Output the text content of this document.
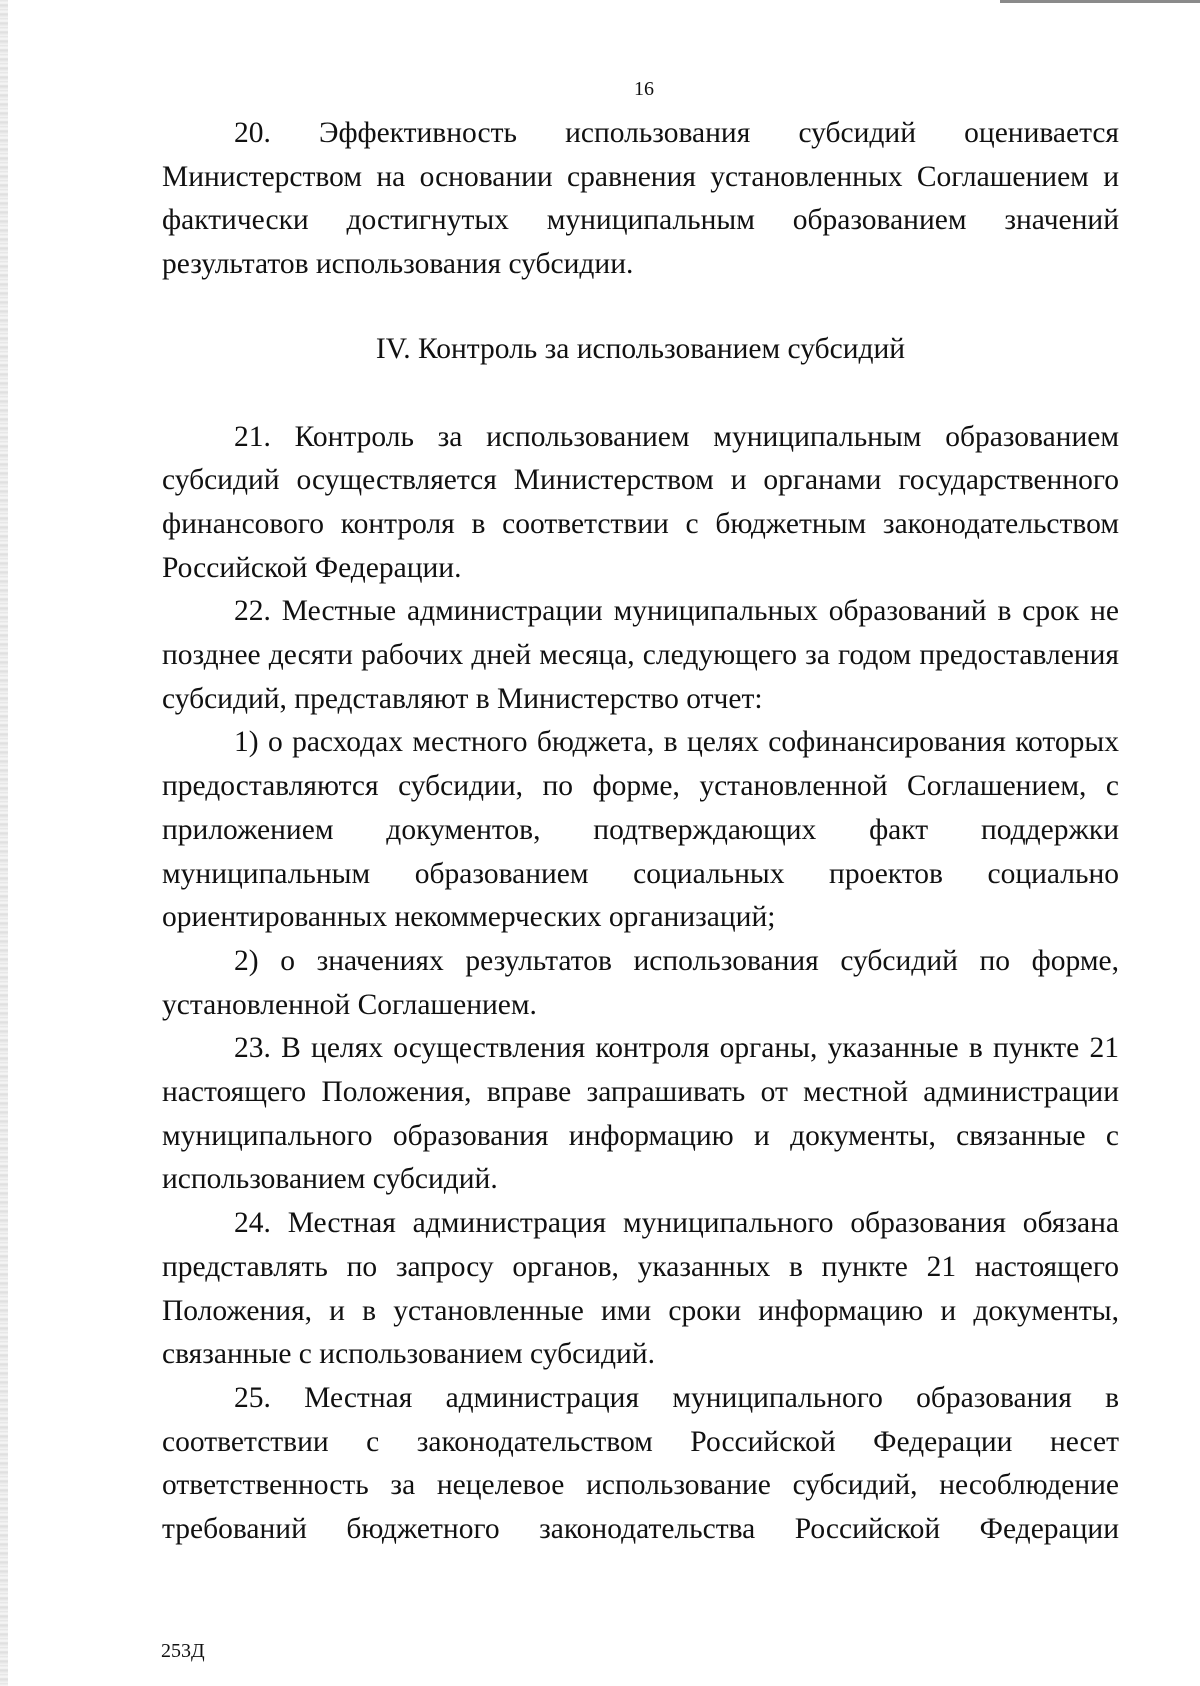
16

20. Эффективность использования субсидий оценивается Министерством на основании сравнения установленных Соглашением и фактически достигнутых муниципальным образованием значений результатов использования субсидии.

IV. Контроль за использованием субсидий

21. Контроль за использованием муниципальным образованием субсидий осуществляется Министерством и органами государственного финансового контроля в соответствии с бюджетным законодательством Российской Федерации.

22. Местные администрации муниципальных образований в срок не позднее десяти рабочих дней месяца, следующего за годом предоставления субсидий, представляют в Министерство отчет:

1) о расходах местного бюджета, в целях софинансирования которых предоставляются субсидии, по форме, установленной Соглашением, с приложением документов, подтверждающих факт поддержки муниципальным образованием социальных проектов социально ориентированных некоммерческих организаций;

2) о значениях результатов использования субсидий по форме, установленной Соглашением.

23. В целях осуществления контроля органы, указанные в пункте 21 настоящего Положения, вправе запрашивать от местной администрации муниципального образования информацию и документы, связанные с использованием субсидий.

24. Местная администрация муниципального образования обязана представлять по запросу органов, указанных в пункте 21 настоящего Положения, и в установленные ими сроки информацию и документы, связанные с использованием субсидий.

25. Местная администрация муниципального образования в соответствии с законодательством Российской Федерации несет ответственность за нецелевое использование субсидий, несоблюдение требований бюджетного законодательства Российской Федерации

253Д
